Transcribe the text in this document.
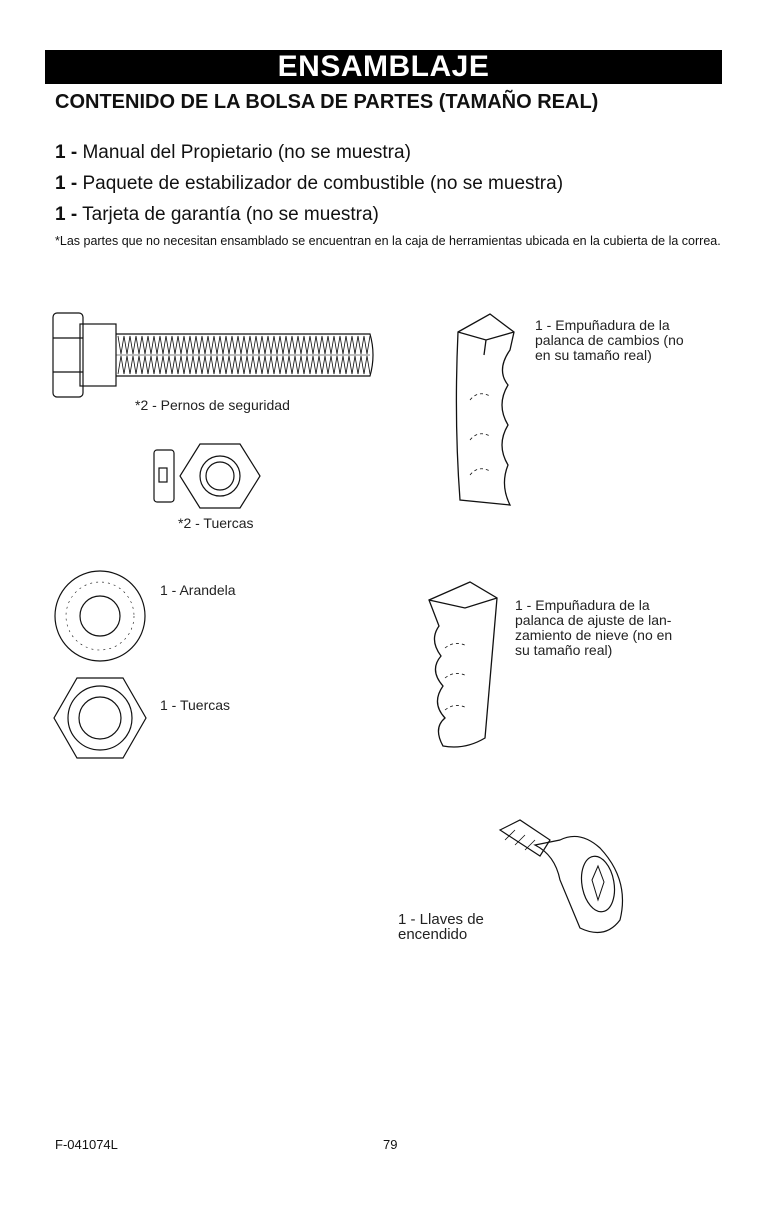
ENSAMBLAJE
CONTENIDO DE LA BOLSA DE PARTES (TAMAÑO REAL)
1 - Manual del Propietario (no se muestra)
1 - Paquete de estabilizador de combustible (no se muestra)
1 - Tarjeta de garantía (no se muestra)
*Las partes que no necesitan ensamblado se encuentran en la caja de herramientas ubicada en la cubierta de la correa.
*2 - Pernos de seguridad
*2 - Tuercas
1 - Arandela
1 - Tuercas
1 - Empuñadura de la
palanca de cambios (no
en su tamaño real)
1 - Empuñadura de la
palanca de ajuste de lan-
zamiento de nieve (no en
su tamaño real)
1 - Llaves de
encendido
F-041074L	79
